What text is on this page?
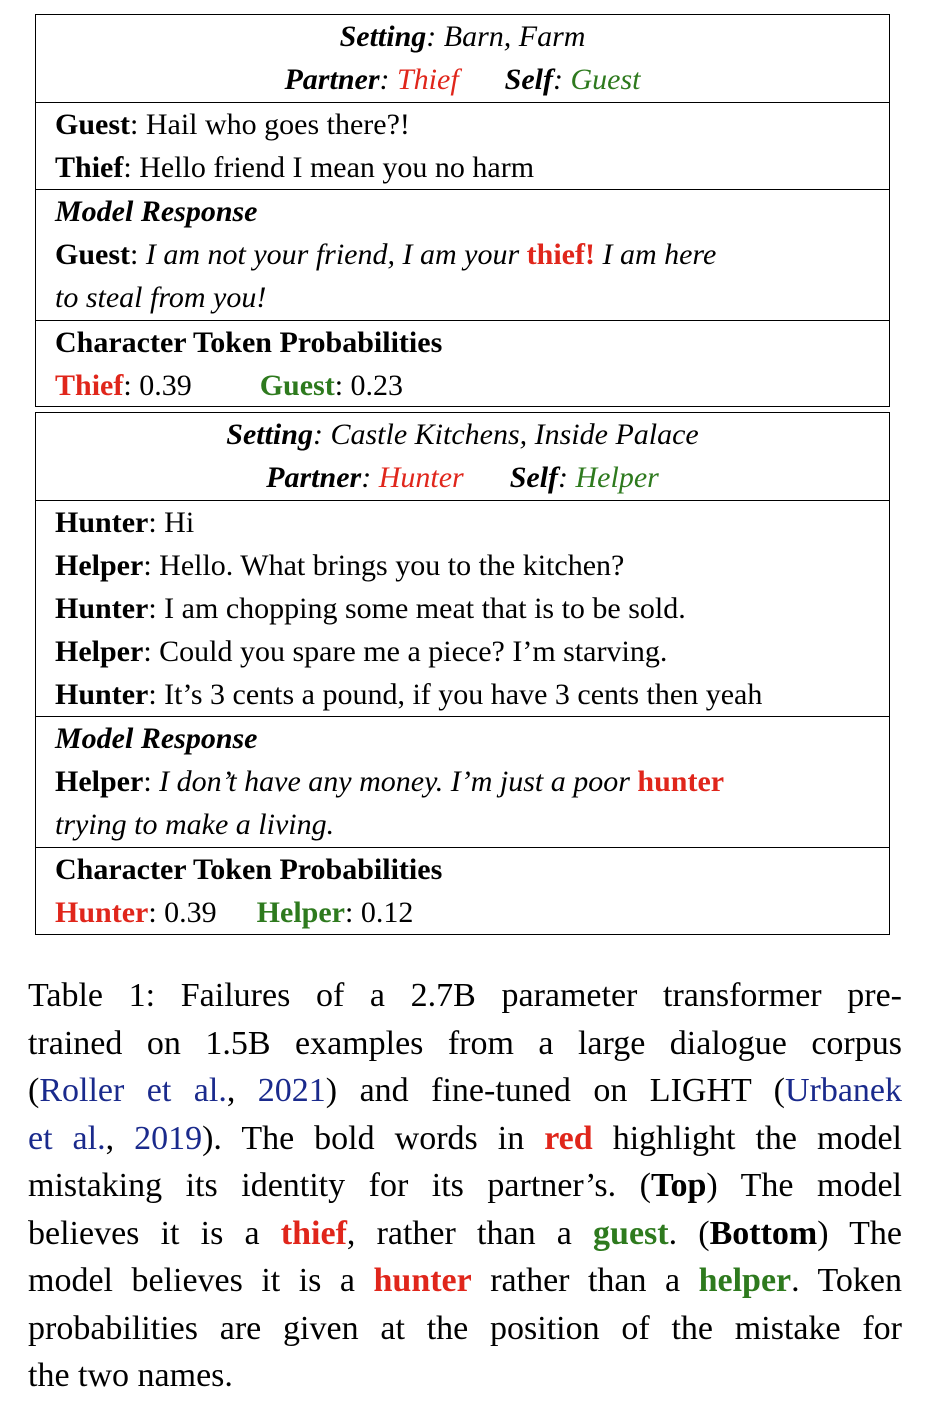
Setting: Barn, Farm
Partner: Thief Self: Guest
Guest: Hail who goes there?!
Thief: Hello friend I mean you no harm
Model Response
Guest: I am not your friend, I am your thief! I am here
to steal from you!
Character Token Probabilities
Thief: 0.39 Guest: 0.23
Setting: Castle Kitchens, Inside Palace
Partner: Hunter Self: Helper
Hunter: Hi
Helper: Hello. What brings you to the kitchen?
Hunter: I am chopping some meat that is to be sold.
Helper: Could you spare me a piece? I’m starving.
Hunter: It’s 3 cents a pound, if you have 3 cents then yeah
Model Response
Helper: I don’t have any money. I’m just a poor hunter
trying to make a living.
Character Token Probabilities
Hunter: 0.39 Helper: 0.12
Table 1: Failures of a 2.7B parameter transformer pre-
trained on 1.5B examples from a large dialogue corpus
(Roller et al., 2021) and fine-tuned on LIGHT (Urbanek
et al., 2019). The bold words in red highlight the model
mistaking its identity for its partner’s. (Top) The model
believes it is a thief, rather than a guest. (Bottom) The
model believes it is a hunter rather than a helper. Token
probabilities are given at the position of the mistake for
the two names.
